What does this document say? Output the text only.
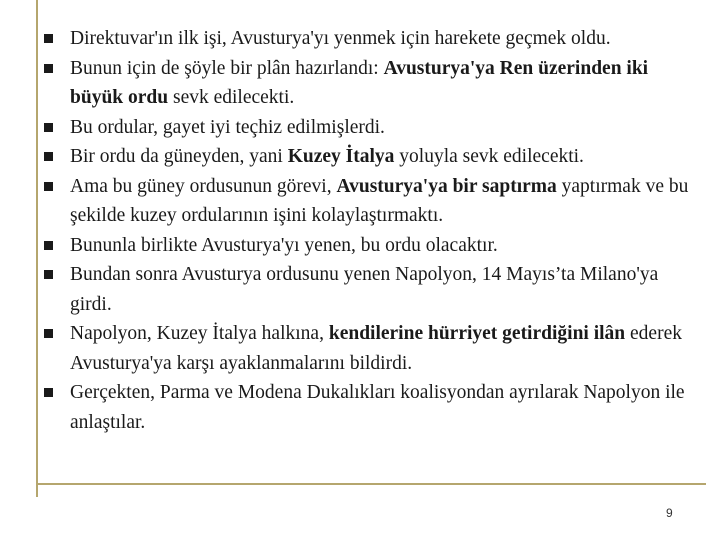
Direktuvar'ın ilk işi, Avusturya'yı yenmek için harekete geçmek oldu.
Bunun için de şöyle bir plân hazırlandı: Avusturya'ya Ren üzerinden iki büyük ordu sevk edilecekti.
Bu ordular, gayet iyi teçhiz edilmişlerdi.
Bir ordu da güneyden, yani Kuzey İtalya yoluyla sevk edilecekti.
Ama bu güney ordusunun görevi, Avusturya'ya bir saptırma yaptırmak ve bu şekilde kuzey ordularının işini kolaylaştırmaktı.
Bununla birlikte Avusturya'yı yenen, bu ordu olacaktır.
Bundan sonra Avusturya ordusunu yenen Napolyon, 14 Mayıs’ta Milano'ya girdi.
Napolyon, Kuzey İtalya halkına, kendilerine hürriyet getirdiğini ilân ederek Avusturya'ya karşı ayaklanmalarını bildirdi.
Gerçekten, Parma ve Modena Dukalıkları koalisyondan ayrılarak Napolyon ile anlaştılar.
9
